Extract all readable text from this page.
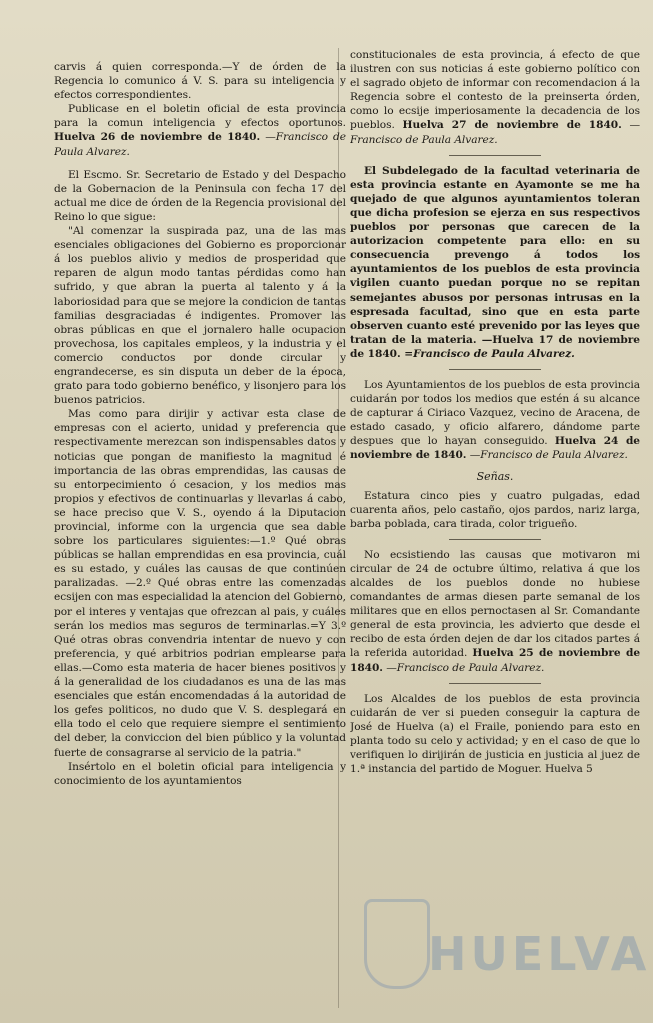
carvis á quien corresponda.—Y de órden de la Regencia lo comunico á V. S. para su inteligencia y efectos correspondientes.

Publicase en el boletin oficial de esta provincia para la comun inteligencia y efectos oportunos. Huelva 26 de noviembre de 1840. —Francisco de Paula Alvarez.

El Escmo. Sr. Secretario de Estado y del Despacho de la Gobernacion de la Peninsula con fecha 17 del actual me dice de órden de la Regencia provisional del Reino lo que sigue:

"Al comenzar la suspirada paz, una de las mas esenciales obligaciones del Gobierno es proporcionar á los pueblos alivio y medios de prosperidad que reparen de algun modo tantas pérdidas como han sufrido, y que abran la puerta al talento y á la laboriosidad para que se mejore la condicion de tantas familias desgraciadas é indigentes. Promover las obras públicas en que el jornalero halle ocupacion provechosa, los capitales empleos, y la industria y el comercio conductos por donde circular y engrandecerse, es sin disputa un deber de la época, grato para todo gobierno benéfico, y lisonjero para los buenos patricios.

Mas como para dirijir y activar esta clase de empresas con el acierto, unidad y preferencia que respectivamente merezcan son indispensables datos y noticias que pongan de manifiesto la magnitud é importancia de las obras emprendidas, las causas de su entorpecimiento ó cesacion, y los medios mas propios y efectivos de continuarlas y llevarlas á cabo, se hace preciso que V. S., oyendo á la Diputacion provincial, informe con la urgencia que sea dable sobre los particulares siguientes:—1.º Qué obras públicas se hallan emprendidas en esa provincia, cuál es su estado, y cuáles las causas de que continúen paralizadas. —2.º Qué obras entre las comenzadas ecsijen con mas especialidad la atencion del Gobierno, por el interes y ventajas que ofrezcan al pais, y cuáles serán los medios mas seguros de terminarlas.=Y 3.º Qué otras obras convendria intentar de nuevo y con preferencia, y qué arbitrios podrian emplearse para ellas.—Como esta materia de hacer bienes positivos y á la generalidad de los ciudadanos es una de las mas esenciales que están encomendadas á la autoridad de los gefes politicos, no dudo que V. S. desplegará en ella todo el celo que requiere siempre el sentimiento del deber, la conviccion del bien público y la voluntad fuerte de consagrarse al servicio de la patria."

Insértolo en el boletin oficial para inteligencia y conocimiento de los ayuntamientos

constitucionales de esta provincia, á efecto de que ilustren con sus noticias á este gobierno político con el sagrado objeto de informar con recomendacion á la Regencia sobre el contesto de la preinserta órden, como lo ecsije imperiosamente la decadencia de los pueblos. Huelva 27 de noviembre de 1840. —Francisco de Paula Alvarez.

El Subdelegado de la facultad veterinaria de esta provincia estante en Ayamonte se me ha quejado de que algunos ayuntamientos toleran que dicha profesion se ejerza en sus respectivos pueblos por personas que carecen de la autorizacion competente para ello: en su consecuencia prevengo á todos los ayuntamientos de los pueblos de esta provincia vigilen cuanto puedan porque no se repitan semejantes abusos por personas intrusas en la espresada facultad, sino que en esta parte observen cuanto esté prevenido por las leyes que tratan de la materia. —Huelva 17 de noviembre de 1840. =Francisco de Paula Alvarez.

Los Ayuntamientos de los pueblos de esta provincia cuidarán por todos los medios que estén á su alcance de capturar á Ciriaco Vazquez, vecino de Aracena, de estado casado, y oficio alfarero, dándome parte despues que lo hayan conseguido. Huelva 24 de noviembre de 1840. —Francisco de Paula Alvarez.

Señas.

Estatura cinco pies y cuatro pulgadas, edad cuarenta años, pelo castaño, ojos pardos, nariz larga, barba poblada, cara tirada, color trigueño.

No ecsistiendo las causas que motivaron mi circular de 24 de octubre último, relativa á que los alcaldes de los pueblos donde no hubiese comandantes de armas diesen parte semanal de los militares que en ellos pernoctasen al Sr. Comandante general de esta provincia, les advierto que desde el recibo de esta órden dejen de dar los citados partes á la referida autoridad. Huelva 25 de noviembre de 1840. —Francisco de Paula Alvarez.

Los Alcaldes de los pueblos de esta provincia cuidarán de ver si pueden conseguir la captura de José de Huelva (a) el Fraile, poniendo para esto en planta todo su celo y actividad; y en el caso de que lo verifiquen lo dirijirán de justicia en justicia al juez de 1.ª instancia del partido de Moguer. Huelva 5

HUELVA
